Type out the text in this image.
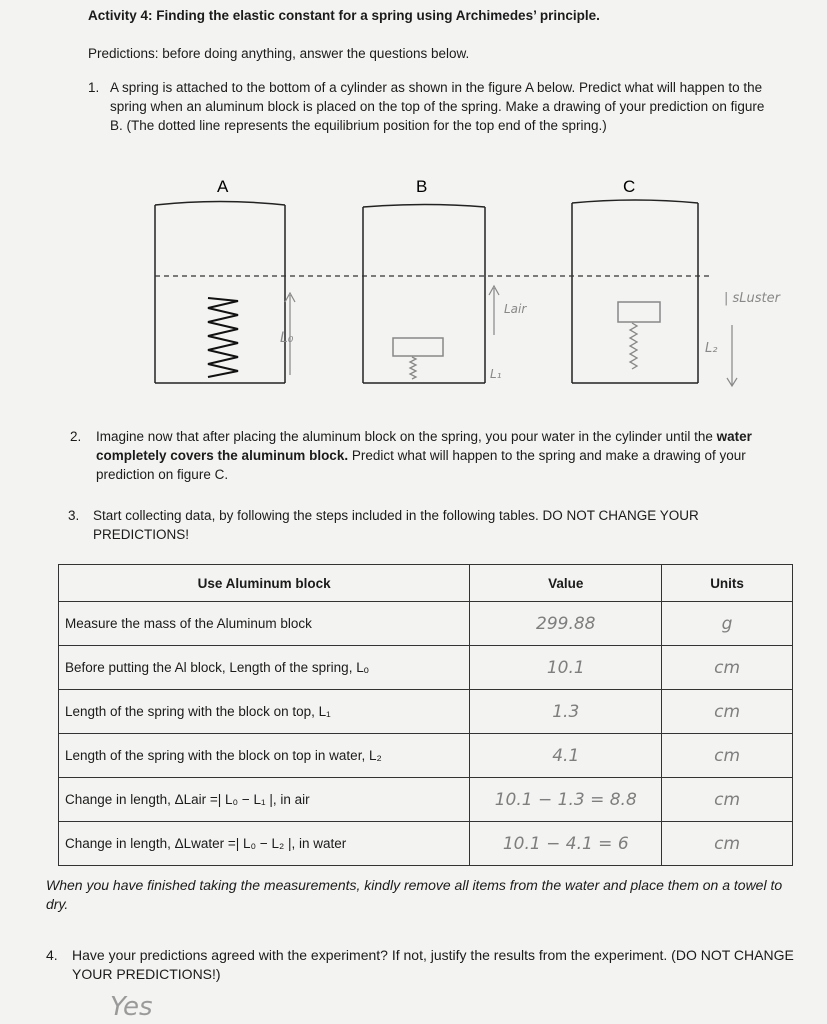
Activity 4: Finding the elastic constant for a spring using Archimedes’ principle.
Predictions: before doing anything, answer the questions below.
1. A spring is attached to the bottom of a cylinder as shown in the figure A below. Predict what will happen to the spring when an aluminum block is placed on the top of the spring. Make a drawing of your prediction on figure B. (The dotted line represents the equilibrium position for the top end of the spring.)
A	B	C
L₀
Lair
L₁
L₂
| sLuster
2. Imagine now that after placing the aluminum block on the spring, you pour water in the cylinder until the water completely covers the aluminum block. Predict what will happen to the spring and make a drawing of your prediction on figure C.
3. Start collecting data, by following the steps included in the following tables. DO NOT CHANGE YOUR PREDICTIONS!
Use Aluminum block	Value	Units
Measure the mass of the Aluminum block	299.88	g
Before putting the Al block, Length of the spring, Lₒ	10.1	cm
Length of the spring with the block on top, L₁	1.3	cm
Length of the spring with the block on top in water, L₂	4.1	cm
Change in length, ΔLair =| L₀ − L₁ |, in air	10.1 − 1.3 = 8.8	cm
Change in length, ΔLwater =| L₀ − L₂ |, in water	10.1 − 4.1 = 6	cm
When you have finished taking the measurements, kindly remove all items from the water and place them on a towel to dry.
4. Have your predictions agreed with the experiment? If not, justify the results from the experiment. (DO NOT CHANGE YOUR PREDICTIONS!)
Yes
